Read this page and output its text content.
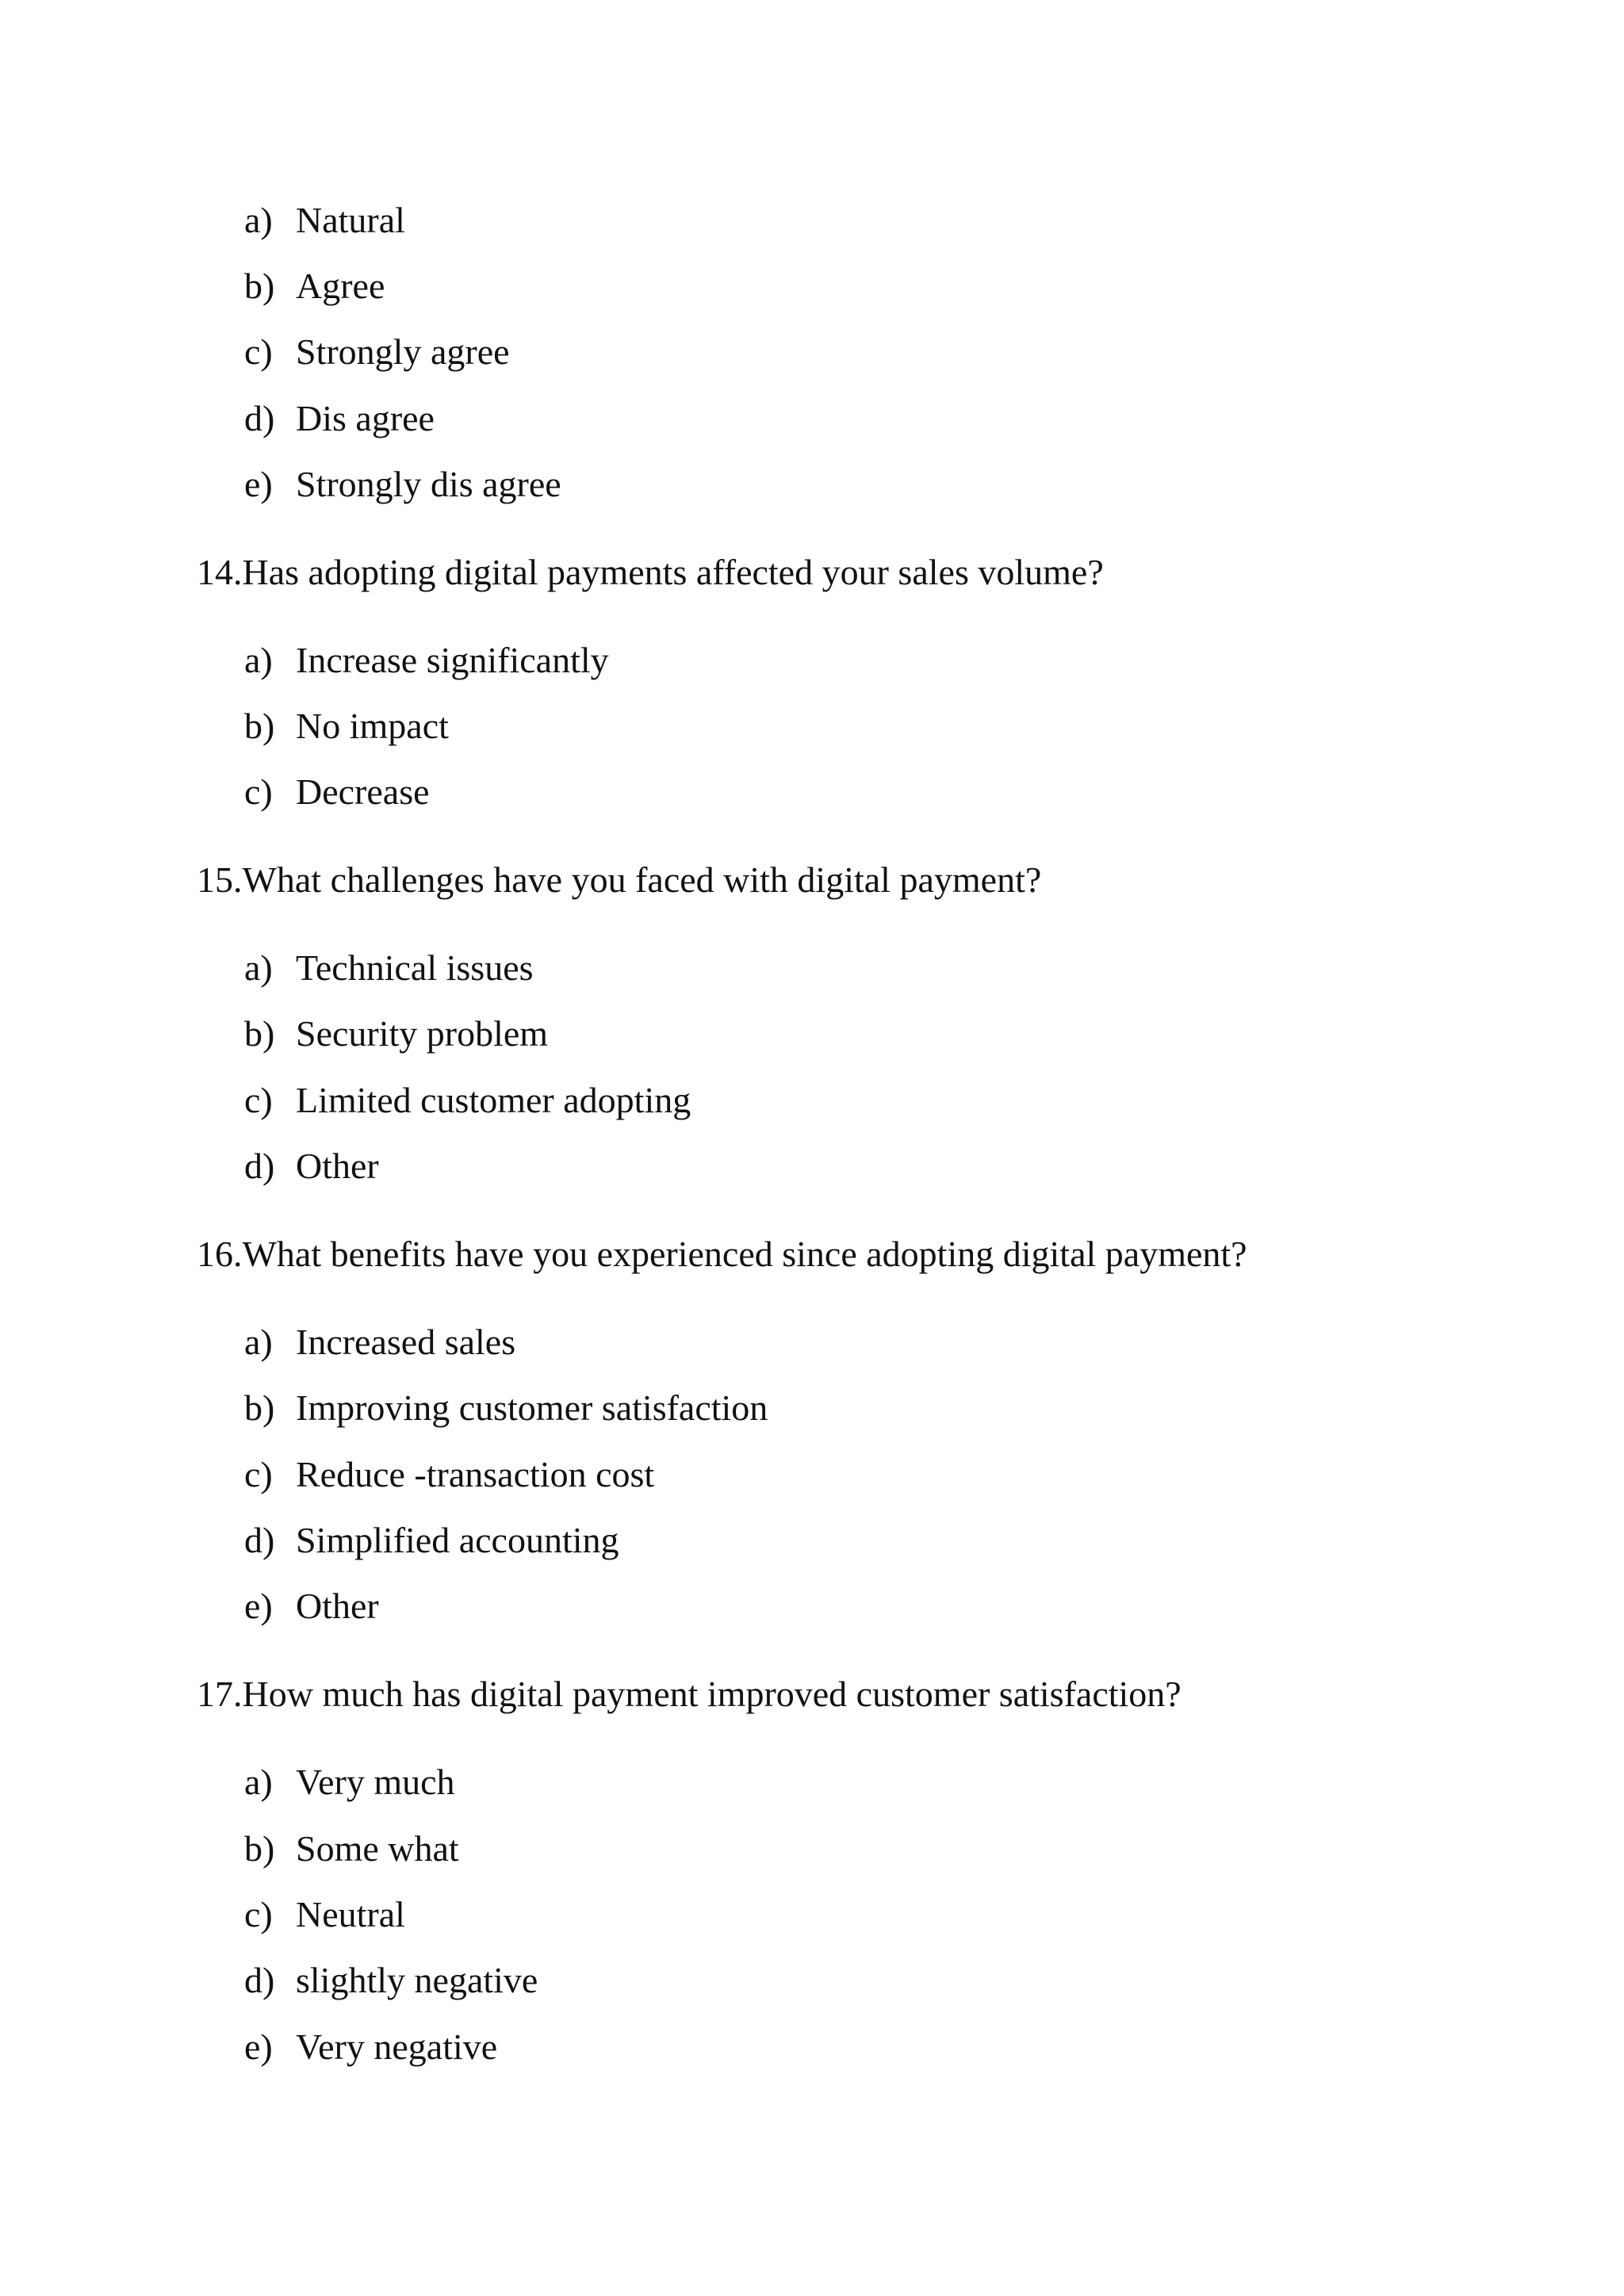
a) Natural
b) Agree
c) Strongly agree
d) Dis agree
e) Strongly dis agree
14.Has adopting digital payments affected your sales volume?
a) Increase significantly
b) No impact
c) Decrease
15.What challenges have you faced with digital payment?
a) Technical issues
b) Security problem
c) Limited customer adopting
d) Other
16.What benefits have you experienced since adopting digital payment?
a) Increased sales
b) Improving customer satisfaction
c) Reduce -transaction cost
d) Simplified accounting
e) Other
17.How much has digital payment improved customer satisfaction?
a) Very much
b) Some what
c) Neutral
d) slightly negative
e) Very negative
